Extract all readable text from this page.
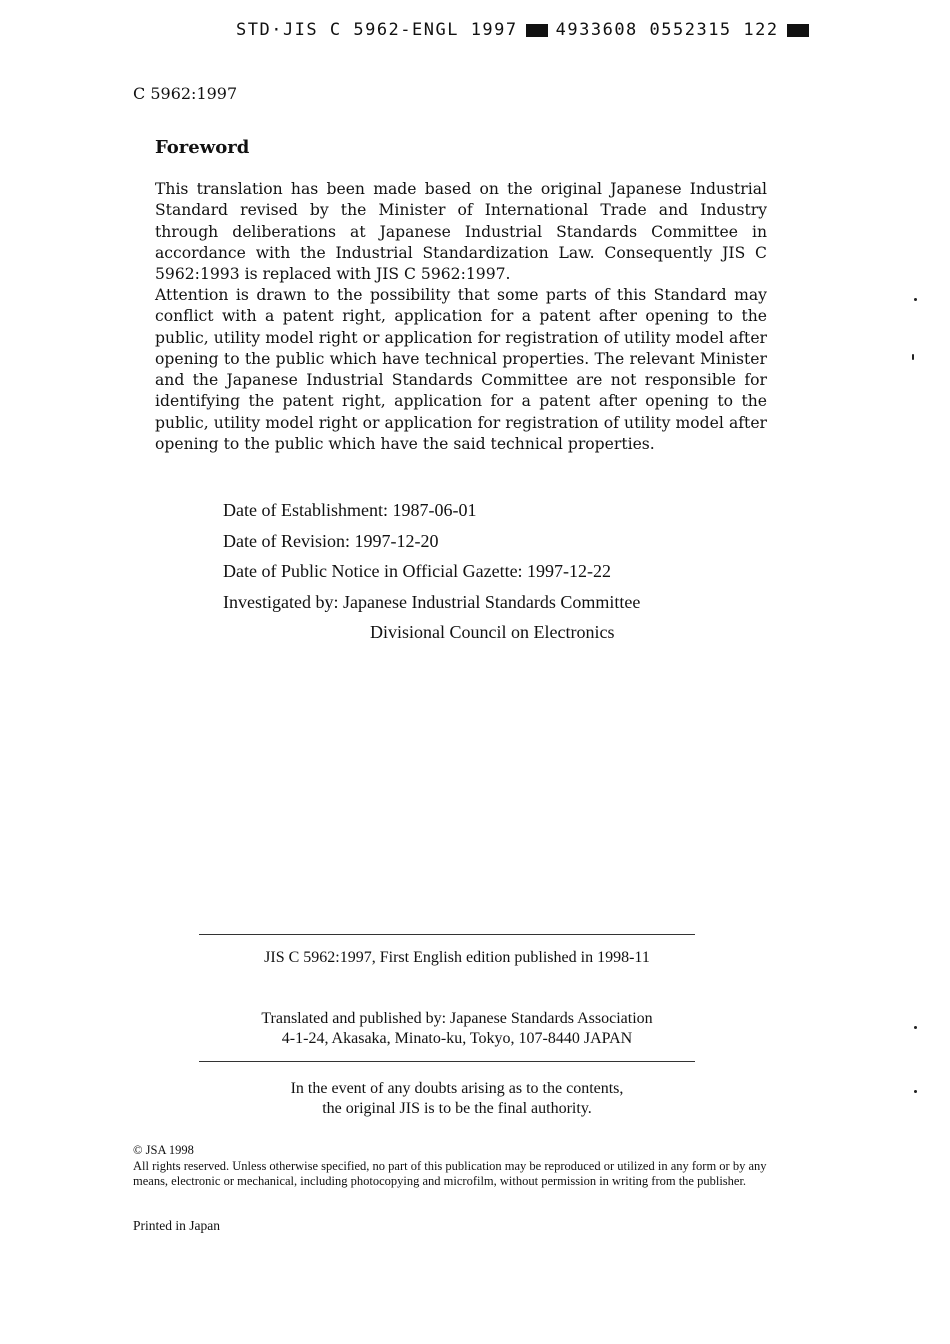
STD·JIS C 5962-ENGL 1997 4933608 0552315 122
C 5962:1997
Foreword
This translation has been made based on the original Japanese Industrial Standard revised by the Minister of International Trade and Industry through deliberations at Japanese Industrial Standards Committee in accordance with the Industrial Standardization Law. Consequently JIS C 5962:1993 is replaced with JIS C 5962:1997.
Attention is drawn to the possibility that some parts of this Standard may conflict with a patent right, application for a patent after opening to the public, utility model right or application for registration of utility model after opening to the public which have technical properties. The relevant Minister and the Japanese Industrial Standards Committee are not responsible for identifying the patent right, application for a patent after opening to the public, utility model right or application for registration of utility model after opening to the public which have the said technical properties.
Date of Establishment: 1987-06-01
Date of Revision: 1997-12-20
Date of Public Notice in Official Gazette: 1997-12-22
Investigated by: Japanese Industrial Standards Committee
Divisional Council on Electronics
JIS C 5962:1997, First English edition published in 1998-11
Translated and published by: Japanese Standards Association
4-1-24, Akasaka, Minato-ku, Tokyo, 107-8440 JAPAN
In the event of any doubts arising as to the contents,
the original JIS is to be the final authority.
© JSA 1998
All rights reserved. Unless otherwise specified, no part of this publication may be reproduced or utilized in any form or by any means, electronic or mechanical, including photocopying and microfilm, without permission in writing from the publisher.
Printed in Japan
